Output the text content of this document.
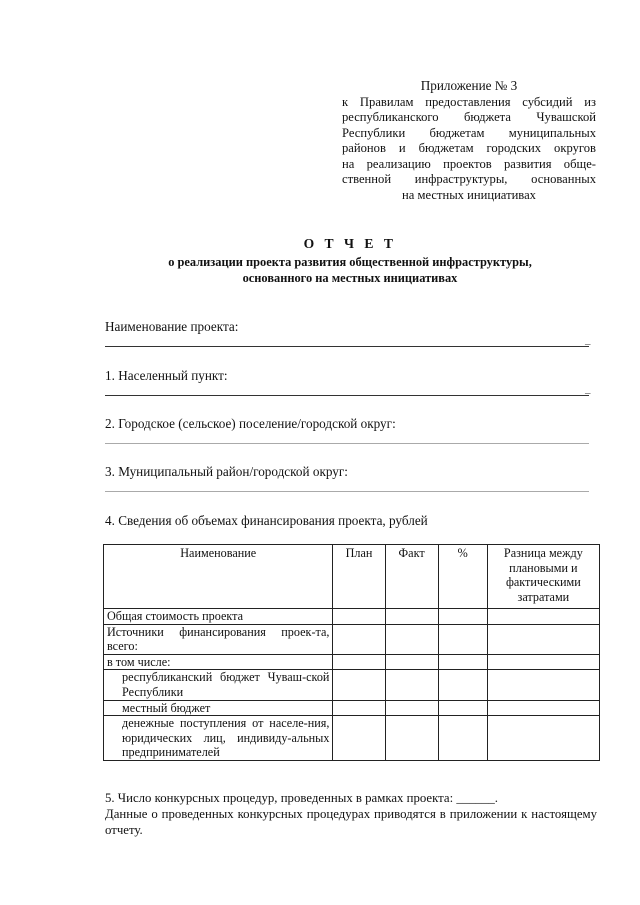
Приложение № 3
к Правилам предоставления субсидий из
республиканского бюджета Чувашской
Республики бюджетам муниципальных
районов и бюджетам городских округов
на реализацию проектов развития обще-
ственной инфраструктуры, основанных
на местных инициативах
О Т Ч Е Т
о реализации проекта развития общественной инфраструктуры,
основанного на местных инициативах
Наименование проекта:
–
1. Населенный пункт:
–
2. Городское (сельское) поселение/городской округ:
3. Муниципальный район/городской округ:
4. Сведения об объемах финансирования проекта, рублей
Наименование	План	Факт	%	Разница между плановыми и фактическими затратами
Общая стоимость проекта				
Источники финансирования проек-та, всего:				
в том числе:				
республиканский бюджет Чуваш-ской Республики				
местный бюджет				
денежные поступления от населе-ния, юридических лиц, индивиду-альных предпринимателей				
5. Число конкурсных процедур, проведенных в рамках проекта: ______.
Данные о проведенных конкурсных процедурах приводятся в приложении к настоящему отчету.
